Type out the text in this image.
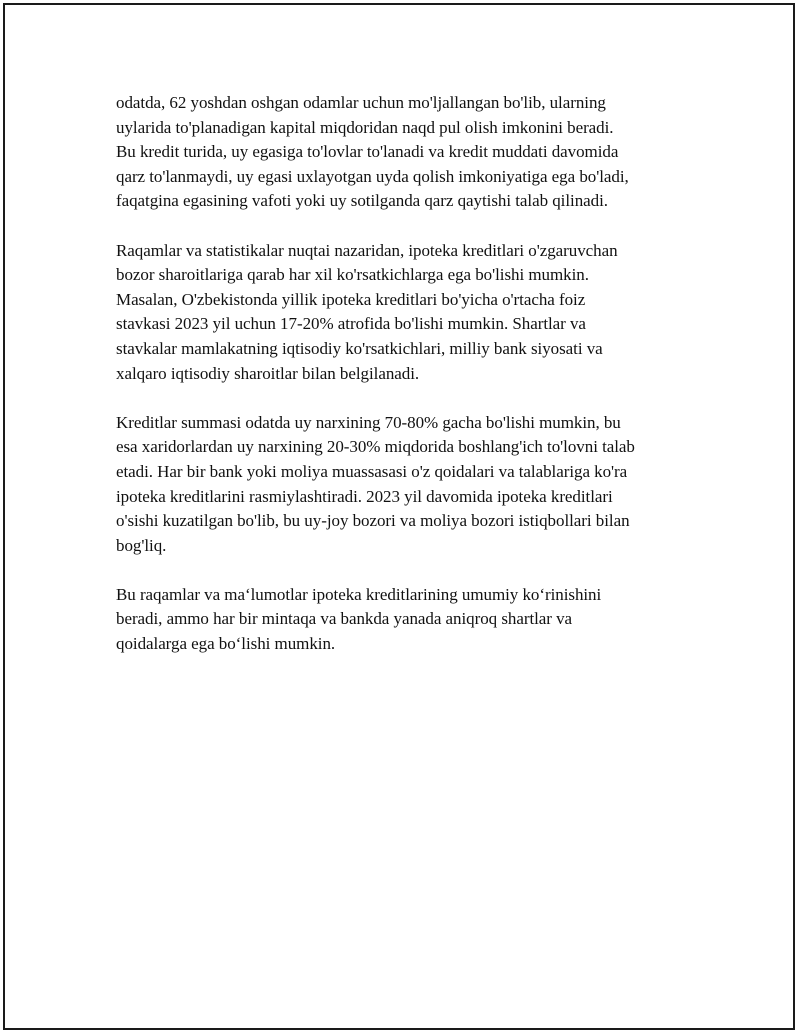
odatda, 62 yoshdan oshgan odamlar uchun mo'ljallangan bo'lib, ularning
uylarida to'planadigan kapital miqdoridan naqd pul olish imkonini beradi.
Bu kredit turida, uy egasiga to'lovlar to'lanadi va kredit muddati davomida
qarz to'lanmaydi, uy egasi uxlayotgan uyda qolish imkoniyatiga ega bo'ladi,
faqatgina egasining vafoti yoki uy sotilganda qarz qaytishi talab qilinadi.

Raqamlar va statistikalar nuqtai nazaridan, ipoteka kreditlari o'zgaruvchan
bozor sharoitlariga qarab har xil ko'rsatkichlarga ega bo'lishi mumkin.
Masalan, O'zbekistonda yillik ipoteka kreditlari bo'yicha o'rtacha foiz
stavkasi 2023 yil uchun 17-20% atrofida bo'lishi mumkin. Shartlar va
stavkalar mamlakatning iqtisodiy ko'rsatkichlari, milliy bank siyosati va
xalqaro iqtisodiy sharoitlar bilan belgilanadi.

Kreditlar summasi odatda uy narxining 70-80% gacha bo'lishi mumkin, bu
esa xaridorlardan uy narxining 20-30% miqdorida boshlang'ich to'lovni talab
etadi. Har bir bank yoki moliya muassasasi o'z qoidalari va talablariga ko'ra
ipoteka kreditlarini rasmiylashtiradi. 2023 yil davomida ipoteka kreditlari
o'sishi kuzatilgan bo'lib, bu uy-joy bozori va moliya bozori istiqbollari bilan
bog'liq.

Bu raqamlar va maʻlumotlar ipoteka kreditlarining umumiy koʻrinishini
beradi, ammo har bir mintaqa va bankda yanada aniqroq shartlar va
qoidalarga ega boʻlishi mumkin.
